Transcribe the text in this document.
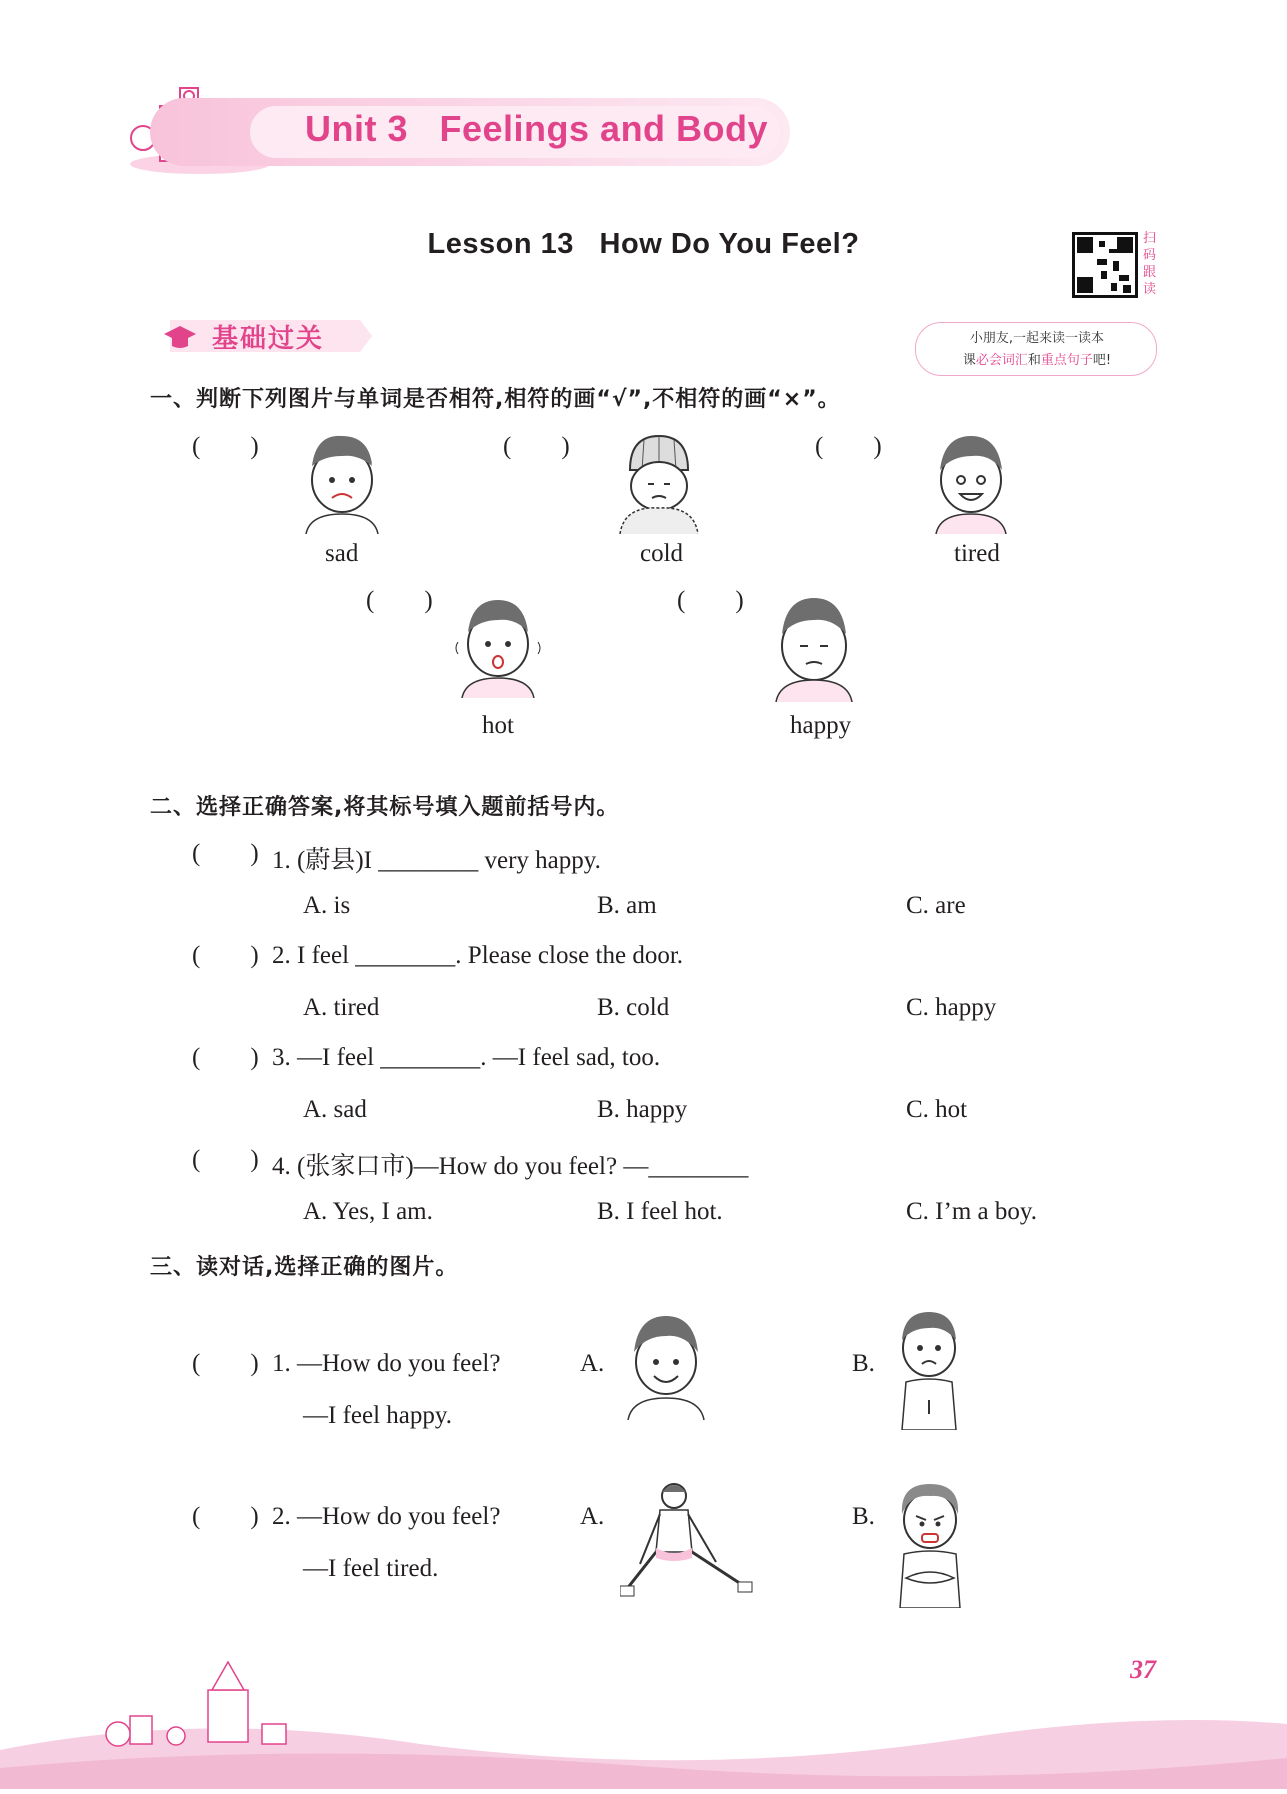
Unit 3   Feelings and Body
Lesson 13   How Do You Feel?	扫码跟读
基础过关	小朋友,一起来读一读本
课必会词汇和重点句子吧!
一、判断下列图片与单词是否相符,相符的画“√”,不相符的画“×”。
(        )	(        )	(        )
sad	cold	tired
(        )	(        )
hot	happy
二、选择正确答案,将其标号填入题前括号内。
(        ) 1. (蔚县)I ________ very happy.
A. is	B. am	C. are
(        ) 2. I feel ________. Please close the door.
A. tired	B. cold	C. happy
(        ) 3. —I feel ________. —I feel sad, too.
A. sad	B. happy	C. hot
(        ) 4. (张家口市)—How do you feel? —________
A. Yes, I am.	B. I feel hot.	C. I’m a boy.
三、读对话,选择正确的图片。
(        ) 1. —How do you feel?
—I feel happy.
A.	B.
(        ) 2. —How do you feel?
—I feel tired.
A.	B.
37
